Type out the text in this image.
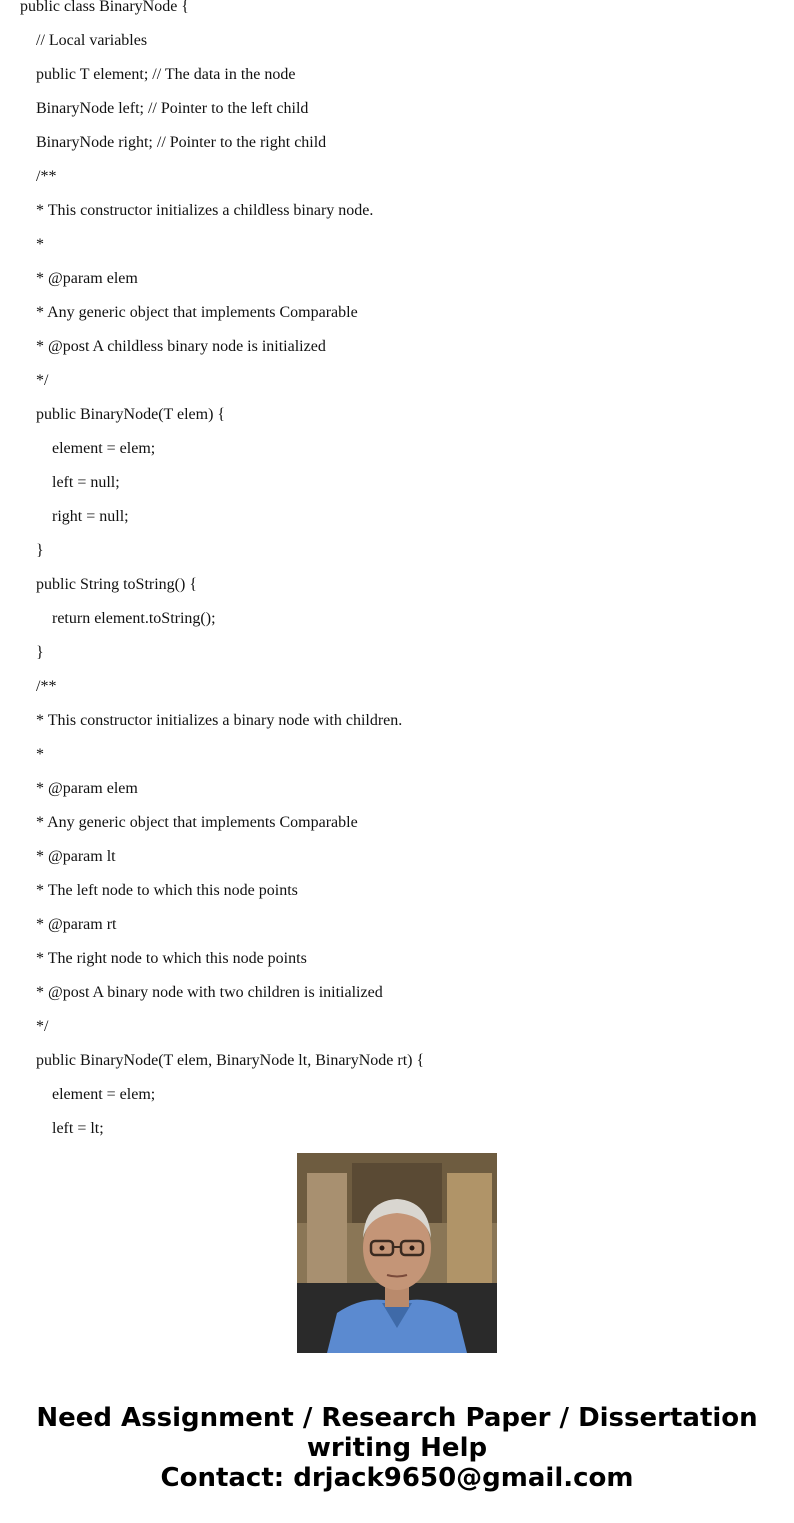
public class BinaryNode {
// Local variables
public T element; // The data in the node
BinaryNode left; // Pointer to the left child
BinaryNode right; // Pointer to the right child
/**
* This constructor initializes a childless binary node.
*
* @param elem
* Any generic object that implements Comparable
* @post A childless binary node is initialized
*/
public BinaryNode(T elem) {
element = elem;
left = null;
right = null;
}
public String toString() {
return element.toString();
}
/**
* This constructor initializes a binary node with children.
*
* @param elem
* Any generic object that implements Comparable
* @param lt
* The left node to which this node points
* @param rt
* The right node to which this node points
* @post A binary node with two children is initialized
*/
public BinaryNode(T elem, BinaryNode lt, BinaryNode rt) {
element = elem;
left = lt;
Need Assignment / Research Paper / Dissertation
writing Help
Contact: drjack9650@gmail.com
